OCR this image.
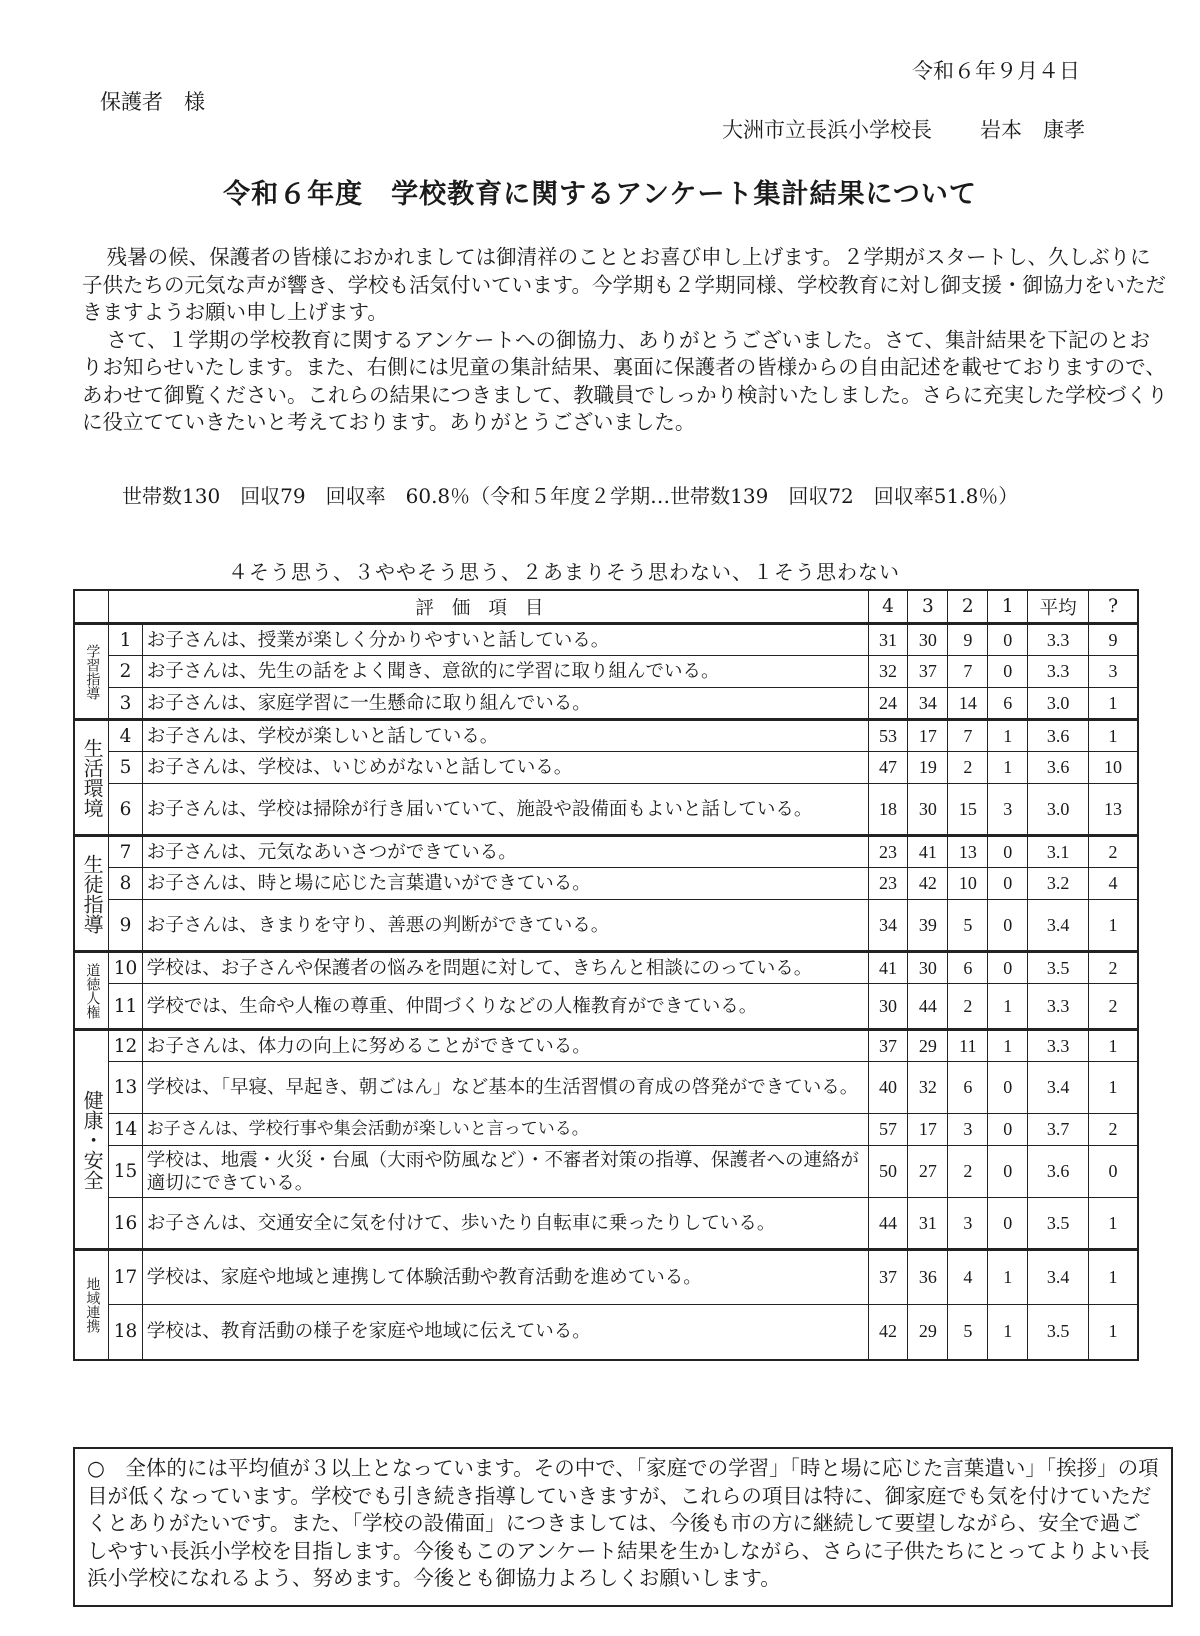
令和６年９月４日
保護者　様
大洲市立長浜小学校長 岩本　康孝
令和６年度　学校教育に関するアンケート集計結果について

残暑の候、保護者の皆様におかれましては御清祥のこととお喜び申し上げます。２学期がスタートし、久しぶりに子供たちの元気な声が響き、学校も活気付いています。今学期も２学期同様、学校教育に対し御支援・御協力をいただきますようお願い申し上げます。

さて、１学期の学校教育に関するアンケートへの御協力、ありがとうございました。さて、集計結果を下記のとおりお知らせいたします。また、右側には児童の集計結果、裏面に保護者の皆様からの自由記述を載せておりますので、あわせて御覧ください。これらの結果につきまして、教職員でしっかり検討いたしました。さらに充実した学校づくりに役立てていきたいと考えております。ありがとうございました。

世帯数130　回収79　回収率　60.8％（令和５年度２学期…世帯数139　回収72　回収率51.8％）
４そう思う、３ややそう思う、２あまりそう思わない、１そう思わない
	評価項目		4	3	2	1	平均	?
学習指導	1	お子さんは、授業が楽しく分かりやすいと話している。	31	30	9	0	3.3	9
	2	お子さんは、先生の話をよく聞き、意欲的に学習に取り組んでいる。	32	37	7	0	3.3	3
	3	お子さんは、家庭学習に一生懸命に取り組んでいる。	24	34	14	6	3.0	1
生活環境	4	お子さんは、学校が楽しいと話している。	53	17	7	1	3.6	1
	5	お子さんは、学校は、いじめがないと話している。	47	19	2	1	3.6	10
	6	お子さんは、学校は掃除が行き届いていて、施設や設備面もよいと話している。	18	30	15	3	3.0	13
生徒指導	7	お子さんは、元気なあいさつができている。	23	41	13	0	3.1	2
	8	お子さんは、時と場に応じた言葉遣いができている。	23	42	10	0	3.2	4
	9	お子さんは、きまりを守り、善悪の判断ができている。	34	39	5	0	3.4	1
道徳人権	10	学校は、お子さんや保護者の悩みを問題に対して、きちんと相談にのっている。	41	30	6	0	3.5	2
	11	学校では、生命や人権の尊重、仲間づくりなどの人権教育ができている。	30	44	2	1	3.3	2
健康・安全	12	お子さんは、体力の向上に努めることができている。	37	29	11	1	3.3	1
	13	学校は、「早寝、早起き、朝ごはん」など基本的生活習慣の育成の啓発ができている。	40	32	6	0	3.4	1
	14	お子さんは、学校行事や集会活動が楽しいと言っている。	57	17	3	0	3.7	2
	15	学校は、地震・火災・台風（大雨や防風など）・不審者対策の指導、保護者への連絡が適切にできている。	50	27	2	0	3.6	0
	16	お子さんは、交通安全に気を付けて、歩いたり自転車に乗ったりしている。	44	31	3	0	3.5	1
地域連携	17	学校は、家庭や地域と連携して体験活動や教育活動を進めている。	37	36	4	1	3.4	1
	18	学校は、教育活動の様子を家庭や地域に伝えている。	42	29	5	1	3.5	1
○　全体的には平均値が３以上となっています。その中で、「家庭での学習」「時と場に応じた言葉遣い」「挨拶」の項目が低くなっています。学校でも引き続き指導していきますが、これらの項目は特に、御家庭でも気を付けていただくとありがたいです。また、「学校の設備面」につきましては、今後も市の方に継続して要望しながら、安全で過ごしやすい長浜小学校を目指します。今後もこのアンケート結果を生かしながら、さらに子供たちにとってよりよい長浜小学校になれるよう、努めます。今後とも御協力よろしくお願いします。
